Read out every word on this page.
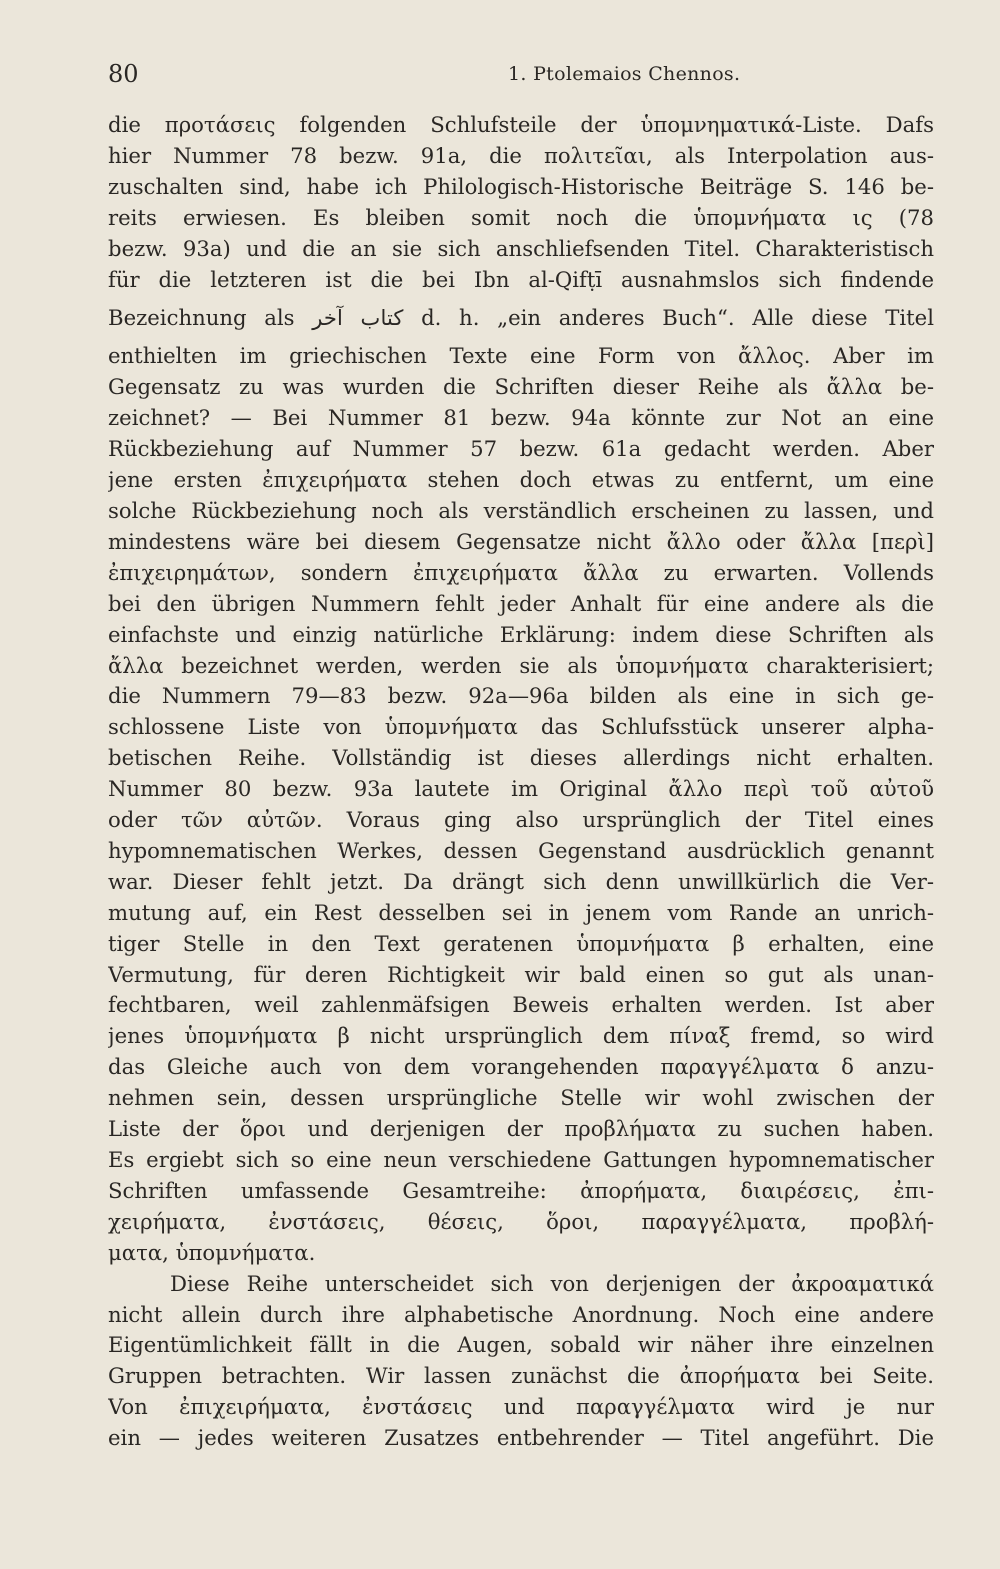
80	1. Ptolemaios Chennos.
die προτάσεις folgenden Schlufsteile der ὑπομνηματικά-Liste. Dafs
hier Nummer 78 bezw. 91a, die πολιτεῖαι, als Interpolation aus-
zuschalten sind, habe ich Philologisch-Historische Beiträge S. 146 be-
reits erwiesen. Es bleiben somit noch die ὑπομνήματα ις (78
bezw. 93a) und die an sie sich anschliefsenden Titel. Charakteristisch
für die letzteren ist die bei Ibn al-Qifṭī ausnahmslos sich findende
Bezeichnung als كتاب آخر d. h. „ein anderes Buch“. Alle diese Titel
enthielten im griechischen Texte eine Form von ἄλλος. Aber im
Gegensatz zu was wurden die Schriften dieser Reihe als ἄλλα be-
zeichnet? — Bei Nummer 81 bezw. 94a könnte zur Not an eine
Rückbeziehung auf Nummer 57 bezw. 61a gedacht werden. Aber
jene ersten ἐπιχειρήματα stehen doch etwas zu entfernt, um eine
solche Rückbeziehung noch als verständlich erscheinen zu lassen, und
mindestens wäre bei diesem Gegensatze nicht ἄλλο oder ἄλλα [περὶ]
ἐπιχειρημάτων, sondern ἐπιχειρήματα ἄλλα zu erwarten. Vollends
bei den übrigen Nummern fehlt jeder Anhalt für eine andere als die
einfachste und einzig natürliche Erklärung: indem diese Schriften als
ἄλλα bezeichnet werden, werden sie als ὑπομνήματα charakterisiert;
die Nummern 79—83 bezw. 92a—96a bilden als eine in sich ge-
schlossene Liste von ὑπομνήματα das Schlufsstück unserer alpha-
betischen Reihe. Vollständig ist dieses allerdings nicht erhalten.
Nummer 80 bezw. 93a lautete im Original ἄλλο περὶ τοῦ αὐτοῦ
oder τῶν αὐτῶν. Voraus ging also ursprünglich der Titel eines
hypomnematischen Werkes, dessen Gegenstand ausdrücklich genannt
war. Dieser fehlt jetzt. Da drängt sich denn unwillkürlich die Ver-
mutung auf, ein Rest desselben sei in jenem vom Rande an unrich-
tiger Stelle in den Text geratenen ὑπομνήματα β erhalten, eine
Vermutung, für deren Richtigkeit wir bald einen so gut als unan-
fechtbaren, weil zahlenmäfsigen Beweis erhalten werden. Ist aber
jenes ὑπομνήματα β nicht ursprünglich dem πίναξ fremd, so wird
das Gleiche auch von dem vorangehenden παραγγέλματα δ anzu-
nehmen sein, dessen ursprüngliche Stelle wir wohl zwischen der
Liste der ὅροι und derjenigen der προβλήματα zu suchen haben.
Es ergiebt sich so eine neun verschiedene Gattungen hypomnematischer
Schriften umfassende Gesamtreihe: ἀπορήματα, διαιρέσεις, ἐπι-
χειρήματα, ἐνστάσεις, θέσεις, ὅροι, παραγγέλματα, προβλή-
ματα, ὑπομνήματα.
Diese Reihe unterscheidet sich von derjenigen der ἀκροαματικά
nicht allein durch ihre alphabetische Anordnung. Noch eine andere
Eigentümlichkeit fällt in die Augen, sobald wir näher ihre einzelnen
Gruppen betrachten. Wir lassen zunächst die ἀπορήματα bei Seite.
Von ἐπιχειρήματα, ἐνστάσεις und παραγγέλματα wird je nur
ein — jedes weiteren Zusatzes entbehrender — Titel angeführt. Die
